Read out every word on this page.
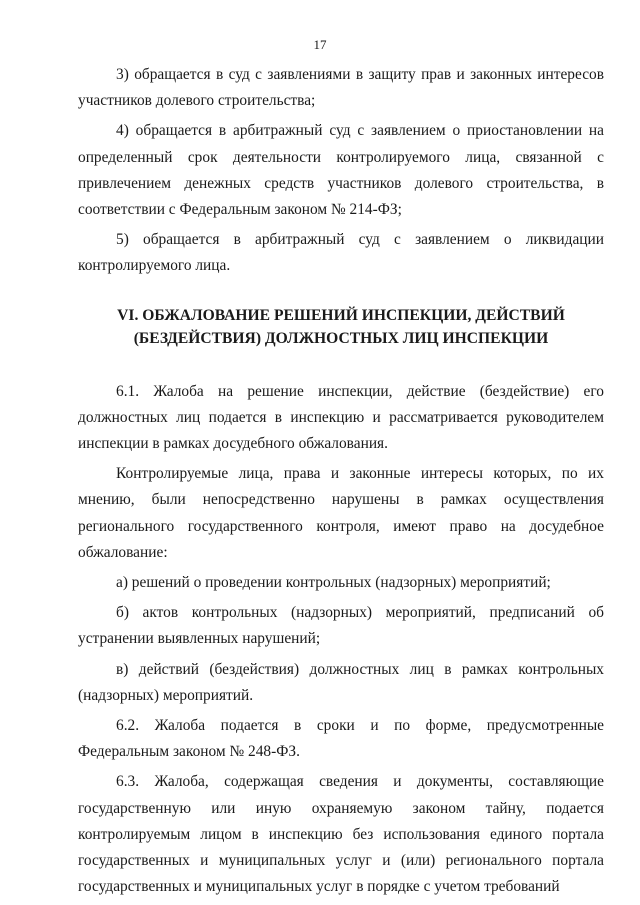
17

3) обращается в суд с заявлениями в защиту прав и законных интересов участников долевого строительства;

4) обращается в арбитражный суд с заявлением о приостановлении на определенный срок деятельности контролируемого лица, связанной с привлечением денежных средств участников долевого строительства, в соответствии с Федеральным законом № 214-ФЗ;

5) обращается в арбитражный суд с заявлением о ликвидации контролируемого лица.

VI. ОБЖАЛОВАНИЕ РЕШЕНИЙ ИНСПЕКЦИИ, ДЕЙСТВИЙ
(БЕЗДЕЙСТВИЯ) ДОЛЖНОСТНЫХ ЛИЦ ИНСПЕКЦИИ

6.1. Жалоба на решение инспекции, действие (бездействие) его должностных лиц подается в инспекцию и рассматривается руководителем инспекции в рамках досудебного обжалования.

Контролируемые лица, права и законные интересы которых, по их мнению, были непосредственно нарушены в рамках осуществления регионального государственного контроля, имеют право на досудебное обжалование:

а) решений о проведении контрольных (надзорных) мероприятий;

б) актов контрольных (надзорных) мероприятий, предписаний об устранении выявленных нарушений;

в) действий (бездействия) должностных лиц в рамках контрольных (надзорных) мероприятий.

6.2. Жалоба подается в сроки и по форме, предусмотренные Федеральным законом № 248-ФЗ.

6.3. Жалоба, содержащая сведения и документы, составляющие государственную или иную охраняемую законом тайну, подается контролируемым лицом в инспекцию без использования единого портала государственных и муниципальных услуг и (или) регионального портала государственных и муниципальных услуг в порядке с учетом требований
